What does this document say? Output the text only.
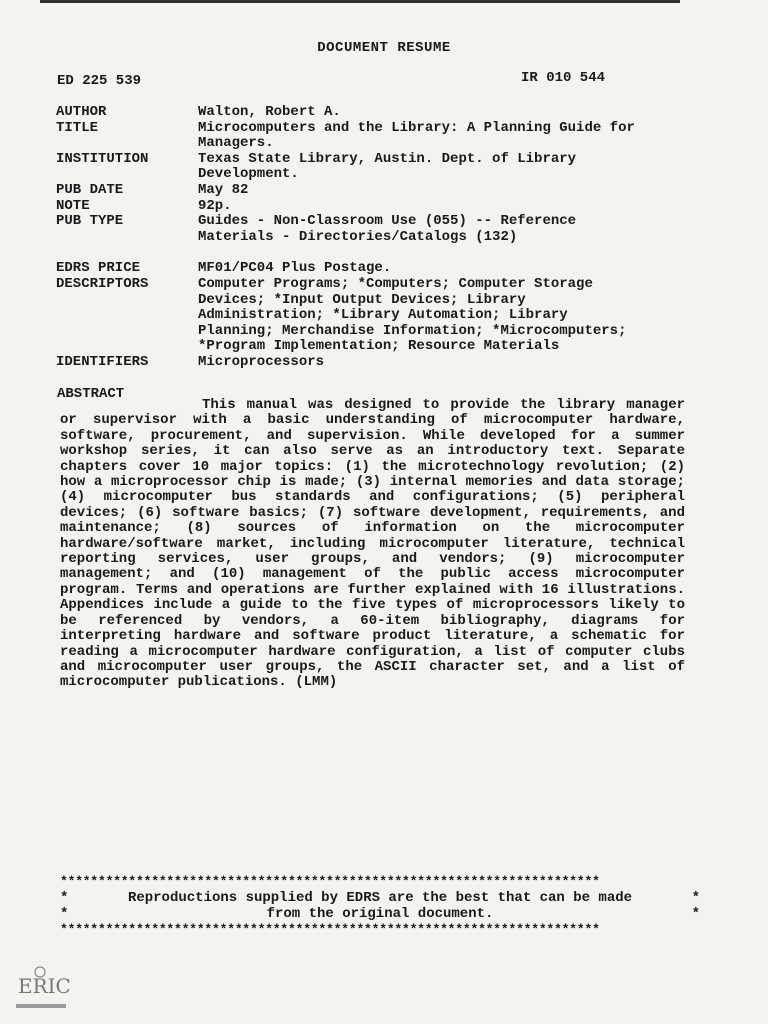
DOCUMENT RESUME
ED 225 539	IR 010 544
AUTHOR	Walton, Robert A.
TITLE	Microcomputers and the Library: A Planning Guide for
Managers.
INSTITUTION	Texas State Library, Austin. Dept. of Library
Development.
PUB DATE	May 82
NOTE	92p.
PUB TYPE	Guides - Non-Classroom Use (055) -- Reference
Materials - Directories/Catalogs (132)
EDRS PRICE	MF01/PC04 Plus Postage.
DESCRIPTORS	Computer Programs; *Computers; Computer Storage
Devices; *Input Output Devices; Library
Administration; *Library Automation; Library
Planning; Merchandise Information; *Microcomputers;
*Program Implementation; Resource Materials
IDENTIFIERS	Microprocessors
ABSTRACT
This manual was designed to provide the library manager or supervisor with a basic understanding of microcomputer hardware, software, procurement, and supervision. While developed for a summer workshop series, it can also serve as an introductory text. Separate chapters cover 10 major topics: (1) the microtechnology revolution; (2) how a microprocessor chip is made; (3) internal memories and data storage; (4) microcomputer bus standards and configurations; (5) peripheral devices; (6) software basics; (7) software development, requirements, and maintenance; (8) sources of information on the microcomputer hardware/software market, including microcomputer literature, technical reporting services, user groups, and vendors; (9) microcomputer management; and (10) management of the public access microcomputer program. Terms and operations are further explained with 16 illustrations. Appendices include a guide to the five types of microprocessors likely to be referenced by vendors, a 60-item bibliography, diagrams for interpreting hardware and software product literature, a schematic for reading a microcomputer hardware configuration, a list of computer clubs and microcomputer user groups, the ASCII character set, and a list of microcomputer publications. (LMM)
***********************************************************************
*	Reproductions supplied by EDRS are the best that can be made	*
*	from the original document.	*
***********************************************************************
ERIC
